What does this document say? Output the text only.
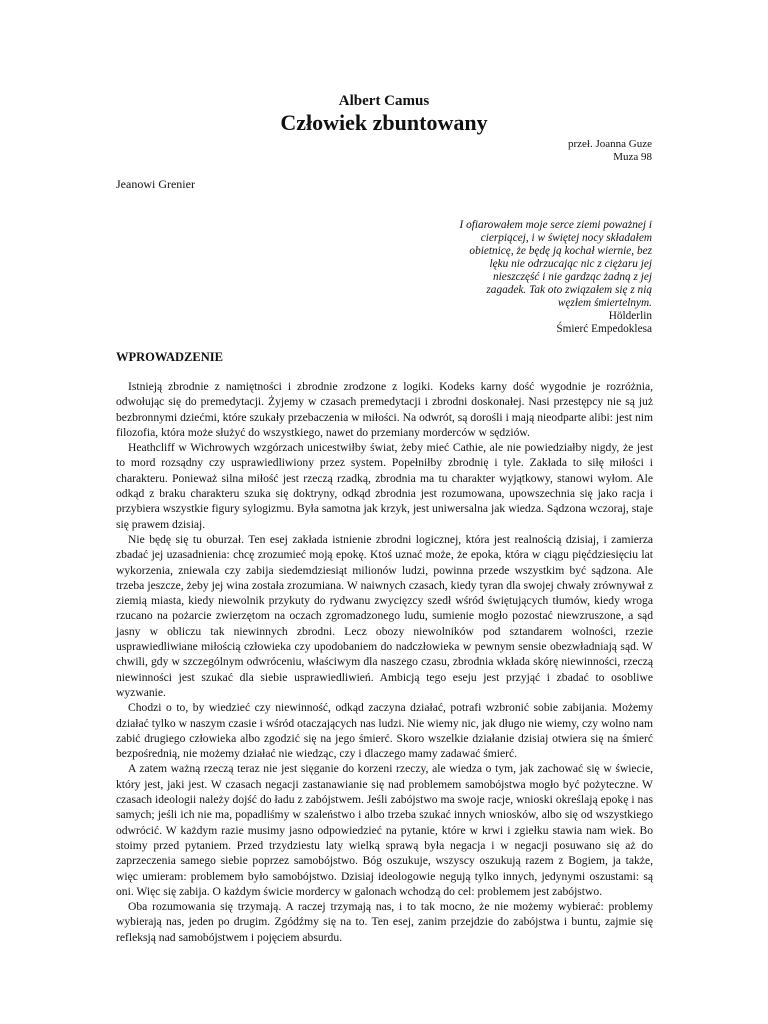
Albert Camus
Człowiek zbuntowany
przeł. Joanna Guze
Muza 98
Jeanowi Grenier
I ofiarowałem moje serce ziemi poważnej i cierpiącej, i w świętej nocy składałem obietnicę, że będę ją kochał wiernie, bez lęku nie odrzucając nic z ciężaru jej nieszczęść i nie gardząc żadną z jej zagadek. Tak oto związałem się z nią węzłem śmiertelnym.
Hölderlin
Śmierć Empedoklesa
WPROWADZENIE

Istnieją zbrodnie z namiętności i zbrodnie zrodzone z logiki. Kodeks karny dość wygodnie je rozróżnia, odwołując się do premedytacji. Żyjemy w czasach premedytacji i zbrodni doskonałej. Nasi przestępcy nie są już bezbronnymi dziećmi, które szukały przebaczenia w miłości. Na odwrót, są dorośli i mają nieodparte alibi: jest nim filozofia, która może służyć do wszystkiego, nawet do przemiany morderców w sędziów.

Heathcliff w Wichrowych wzgórzach unicestwiłby świat, żeby mieć Cathie, ale nie powiedziałby nigdy, że jest to mord rozsądny czy usprawiedliwiony przez system. Popełniłby zbrodnię i tyle. Zakłada to siłę miłości i charakteru. Ponieważ silna miłość jest rzeczą rzadką, zbrodnia ma tu charakter wyjątkowy, stanowi wyłom. Ale odkąd z braku charakteru szuka się doktryny, odkąd zbrodnia jest rozumowana, upowszechnia się jako racja i przybiera wszystkie figury sylogizmu. Była samotna jak krzyk, jest uniwersalna jak wiedza. Sądzona wczoraj, staje się prawem dzisiaj.

Nie będę się tu oburzał. Ten esej zakłada istnienie zbrodni logicznej, która jest realnością dzisiaj, i zamierza zbadać jej uzasadnienia: chcę zrozumieć moją epokę. Ktoś uznać może, że epoka, która w ciągu pięćdziesięciu lat wykorzenia, zniewala czy zabija siedemdziesiąt milionów ludzi, powinna przede wszystkim być sądzona. Ale trzeba jeszcze, żeby jej wina została zrozumiana. W naiwnych czasach, kiedy tyran dla swojej chwały zrównywał z ziemią miasta, kiedy niewolnik przykuty do rydwanu zwycięzcy szedł wśród świętujących tłumów, kiedy wroga rzucano na pożarcie zwierzętom na oczach zgromadzonego ludu, sumienie mogło pozostać niewzruszone, a sąd jasny w obliczu tak niewinnych zbrodni. Lecz obozy niewolników pod sztandarem wolności, rzezie usprawiedliwiane miłością człowieka czy upodobaniem do nadczłowieka w pewnym sensie obezwładniają sąd. W chwili, gdy w szczególnym odwróceniu, właściwym dla naszego czasu, zbrodnia wkłada skórę niewinności, rzeczą niewinności jest szukać dla siebie usprawiedliwień. Ambicją tego eseju jest przyjąć i zbadać to osobliwe wyzwanie.

Chodzi o to, by wiedzieć czy niewinność, odkąd zaczyna działać, potrafi wzbronić sobie zabijania. Możemy działać tylko w naszym czasie i wśród otaczających nas ludzi. Nie wiemy nic, jak długo nie wiemy, czy wolno nam zabić drugiego człowieka albo zgodzić się na jego śmierć. Skoro wszelkie działanie dzisiaj otwiera się na śmierć bezpośrednią, nie możemy działać nie wiedząc, czy i dlaczego mamy zadawać śmierć.

A zatem ważną rzeczą teraz nie jest sięganie do korzeni rzeczy, ale wiedza o tym, jak zachować się w świecie, który jest, jaki jest. W czasach negacji zastanawianie się nad problemem samobójstwa mogło być pożyteczne. W czasach ideologii należy dojść do ładu z zabójstwem. Jeśli zabójstwo ma swoje racje, wnioski określają epokę i nas samych; jeśli ich nie ma, popadliśmy w szaleństwo i albo trzeba szukać innych wniosków, albo się od wszystkiego odwrócić. W każdym razie musimy jasno odpowiedzieć na pytanie, które w krwi i zgiełku stawia nam wiek. Bo stoimy przed pytaniem. Przed trzydziestu laty wielką sprawą była negacja i w negacji posuwano się aż do zaprzeczenia samego siebie poprzez samobójstwo. Bóg oszukuje, wszyscy oszukują razem z Bogiem, ja także, więc umieram: problemem było samobójstwo. Dzisiaj ideologowie negują tylko innych, jedynymi oszustami: są oni. Więc się zabija. O każdym świcie mordercy w galonach wchodzą do cel: problemem jest zabójstwo.

Oba rozumowania się trzymają. A raczej trzymają nas, i to tak mocno, że nie możemy wybierać: problemy wybierają nas, jeden po drugim. Zgódźmy się na to. Ten esej, zanim przejdzie do zabójstwa i buntu, zajmie się refleksją nad samobójstwem i pojęciem absurdu.
